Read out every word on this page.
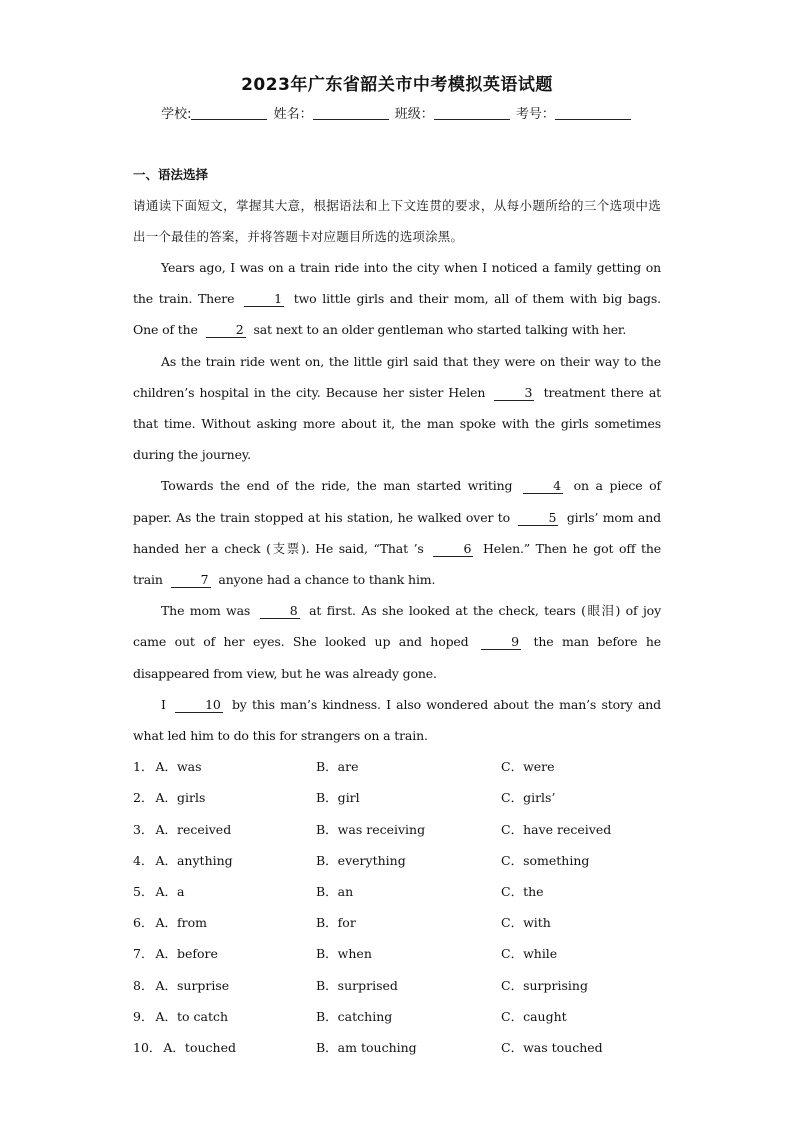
2023年广东省韶关市中考模拟英语试题
学校:	姓名：	班级：	考号：
一、语法选择

请通读下面短文，掌握其大意，根据语法和上下文连贯的要求，从每小题所给的三个选项中选出一个最佳的答案，并将答题卡对应题目所选的选项涂黑。

Years ago, I was on a train ride into the city when I noticed a family getting on the train. There	1 two little girls and their mom, all of them with big bags. One of the	2 sat next to an older gentleman who started talking with her.

As the train ride went on, the little girl said that they were on their way to the children’s hospital in the city. Because her sister Helen	3 treatment there at that time. Without asking more about it, the man spoke with the girls sometimes during the journey.

Towards the end of the ride, the man started writing	4 on a piece of paper. As the train stopped at his station, he walked over to	5 girls’ mom and handed her a check (支票). He said, “That ’s	6 Helen.” Then he got off the train	7 anyone had a chance to thank him.

The mom was	8 at first. As she looked at the check, tears (眼泪) of joy came out of her eyes. She looked up and hoped	9 the man before he disappeared from view, but he was already gone.

I	10 by this man’s kindness. I also wondered about the man’s story and what led him to do this for strangers on a train.

1． A．was	B．are	C．were
2． A．girls	B．girl	C．girls’
3． A．received	B．was receiving	C．have received
4． A．anything	B．everything	C．something
5． A．a	B．an	C．the
6． A．from	B．for	C．with
7． A．before	B．when	C．while
8． A．surprise	B．surprised	C．surprising
9． A．to catch	B．catching	C．caught
10． A．touched	B．am touching	C．was touched
